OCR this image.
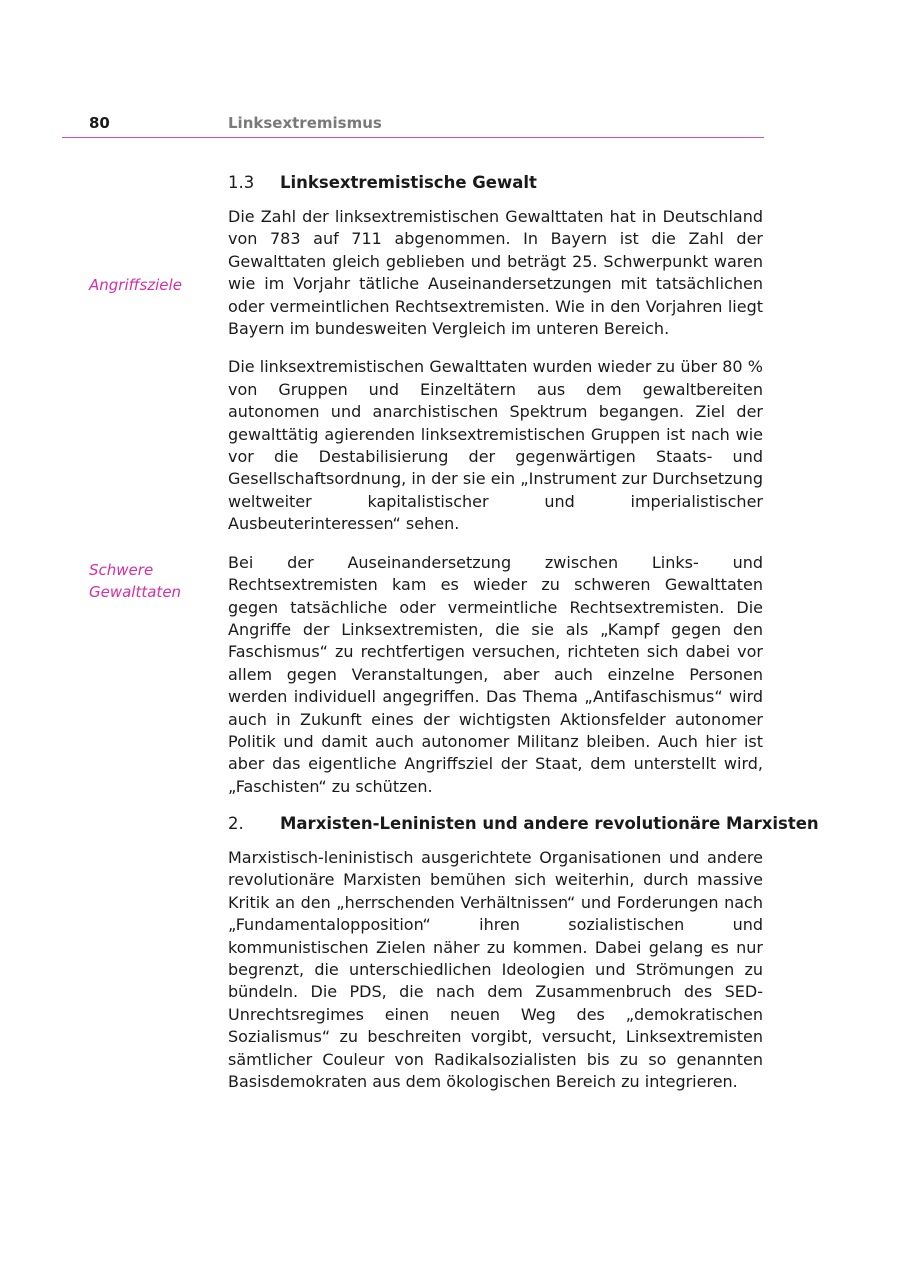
80	Linksextremismus
Angriffsziele
Schwere
Gewalttaten
1.3 Linksextremistische Gewalt

Die Zahl der linksextremistischen Gewalttaten hat in Deutschland von 783 auf 711 abgenommen. In Bayern ist die Zahl der Gewalttaten gleich geblieben und beträgt 25. Schwerpunkt waren wie im Vorjahr tätliche Auseinandersetzungen mit tatsächlichen oder vermeintlichen Rechtsextremisten. Wie in den Vorjahren liegt Bayern im bundesweiten Vergleich im unteren Bereich.

Die linksextremistischen Gewalttaten wurden wieder zu über 80 % von Gruppen und Einzeltätern aus dem gewaltbereiten autonomen und anarchistischen Spektrum begangen. Ziel der gewalttätig agierenden linksextremistischen Gruppen ist nach wie vor die Destabilisierung der gegenwärtigen Staats- und Gesellschaftsordnung, in der sie ein „Instrument zur Durchsetzung weltweiter kapitalistischer und imperialistischer Ausbeuterinteressen“ sehen.

Bei der Auseinandersetzung zwischen Links- und Rechtsextremisten kam es wieder zu schweren Gewalttaten gegen tatsächliche oder vermeintliche Rechtsextremisten. Die Angriffe der Linksextremisten, die sie als „Kampf gegen den Faschismus“ zu rechtfertigen versuchen, richteten sich dabei vor allem gegen Veranstaltungen, aber auch einzelne Personen werden individuell angegriffen. Das Thema „Antifaschismus“ wird auch in Zukunft eines der wichtigsten Aktionsfelder autonomer Politik und damit auch autonomer Militanz bleiben. Auch hier ist aber das eigentliche Angriffsziel der Staat, dem unterstellt wird, „Faschisten“ zu schützen.

2. Marxisten-Leninisten und andere revolutionäre Marxisten

Marxistisch-leninistisch ausgerichtete Organisationen und andere revolutionäre Marxisten bemühen sich weiterhin, durch massive Kritik an den „herrschenden Verhältnissen“ und Forderungen nach „Fundamentalopposition“ ihren sozialistischen und kommunistischen Zielen näher zu kommen. Dabei gelang es nur begrenzt, die unterschiedlichen Ideologien und Strömungen zu bündeln. Die PDS, die nach dem Zusammenbruch des SED-Unrechtsregimes einen neuen Weg des „demokratischen Sozialismus“ zu beschreiten vorgibt, versucht, Linksextremisten sämtlicher Couleur von Radikalsozialisten bis zu so genannten Basisdemokraten aus dem ökologischen Bereich zu integrieren.
